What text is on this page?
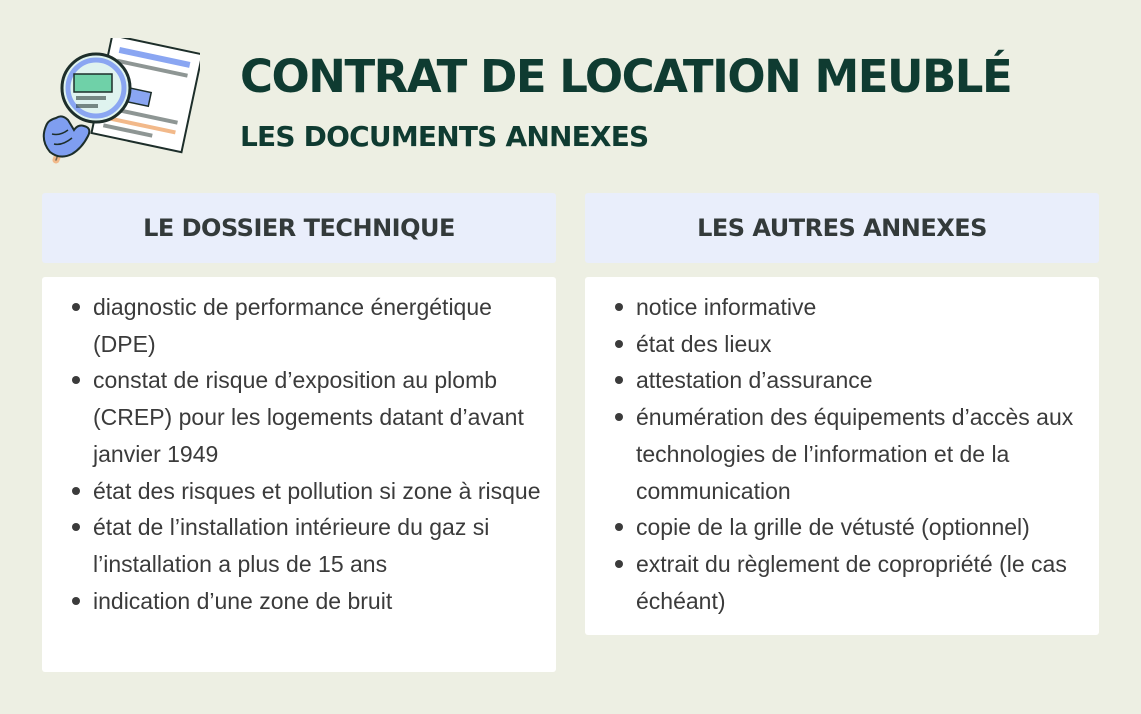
CONTRAT DE LOCATION MEUBLÉ
LES DOCUMENTS ANNEXES
LE DOSSIER TECHNIQUE	LES AUTRES ANNEXES
diagnostic de performance énergétique (DPE)
constat de risque d’exposition au plomb (CREP) pour les logements datant d’avant janvier 1949
état des risques et pollution si zone à risque
état de l’installation intérieure du gaz si l’installation a plus de 15 ans
indication d’une zone de bruit
notice informative
état des lieux
attestation d’assurance
énumération des équipements d’accès aux technologies de l’information et de la communication
copie de la grille de vétusté (optionnel)
extrait du règlement de copropriété (le cas échéant)
